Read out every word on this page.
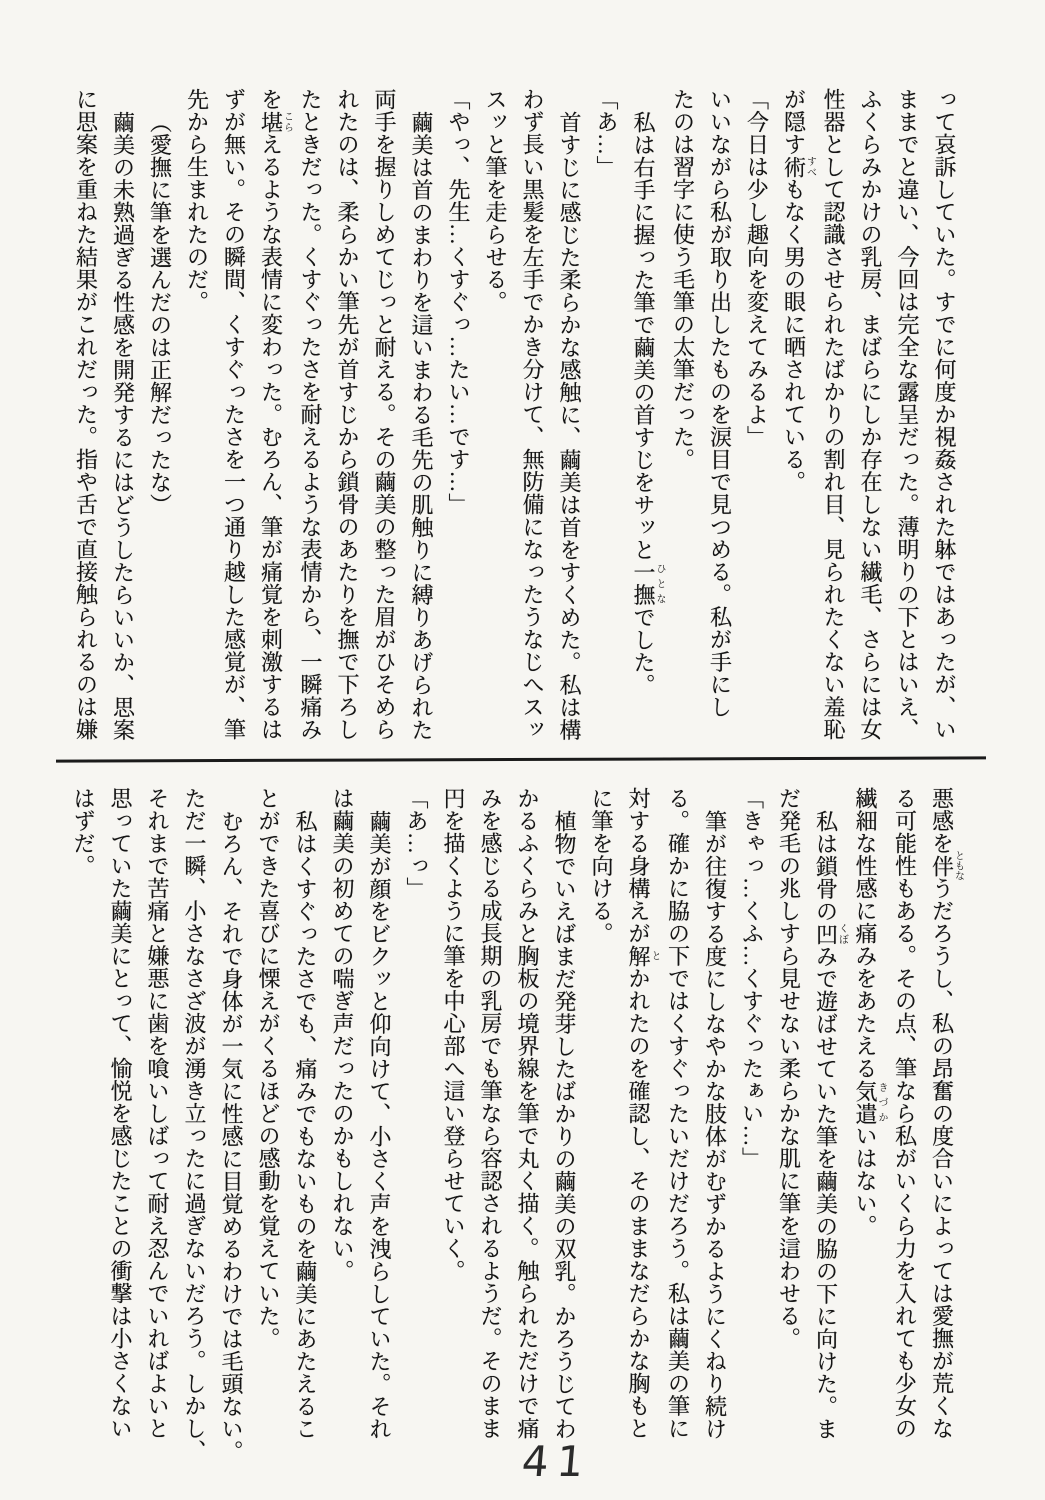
って哀訴していた。すでに何度か視姦された躰ではあったが、い

ままでと違い、今回は完全な露呈だった。薄明りの下とはいえ、

ふくらみかけの乳房、まばらにしか存在しない繊毛、さらには女

性器として認識させられたばかりの割れ目、見られたくない羞恥

が隠す術すべもなく男の眼に晒されている。

「今日は少し趣向を変えてみるよ」

いいながら私が取り出したものを涙目で見つめる。私が手にし

たのは習字に使う毛筆の太筆だった。

私は右手に握った筆で繭美の首すじをサッと一撫ひとなでした。

「あ…」

首すじに感じた柔らかな感触に、繭美は首をすくめた。私は構

わず長い黒髪を左手でかき分けて、無防備になったうなじへスッ

スッと筆を走らせる。

「やっ、先生…くすぐっ…たい…です…」

繭美は首のまわりを這いまわる毛先の肌触りに縛りあげられた

両手を握りしめてじっと耐える。その繭美の整った眉がひそめら

れたのは、柔らかい筆先が首すじから鎖骨のあたりを撫で下ろし

たときだった。くすぐったさを耐えるような表情から、一瞬痛み

を堪こらえるような表情に変わった。むろん、筆が痛覚を刺激するは

ずが無い。その瞬間、くすぐったさを一つ通り越した感覚が、筆

先から生まれたのだ。

（愛撫に筆を選んだのは正解だったな）

繭美の未熟過ぎる性感を開発するにはどうしたらいいか、思案

に思案を重ねた結果がこれだった。指や舌で直接触られるのは嫌

悪感を伴ともなうだろうし、私の昂奮の度合いによっては愛撫が荒くな

る可能性もある。その点、筆なら私がいくら力を入れても少女の

繊細な性感に痛みをあたえる気遣きづかいはない。

私は鎖骨の凹くぼみで遊ばせていた筆を繭美の脇の下に向けた。ま

だ発毛の兆しすら見せない柔らかな肌に筆を這わせる。

「きゃっ…くふ…くすぐったぁい…」

筆が往復する度にしなやかな肢体がむずかるようにくねり続け

る。確かに脇の下ではくすぐったいだけだろう。私は繭美の筆に

対する身構えが解とかれたのを確認し、そのままなだらかな胸もと

に筆を向ける。

植物でいえばまだ発芽したばかりの繭美の双乳。かろうじてわ

かるふくらみと胸板の境界線を筆で丸く描く。触られただけで痛

みを感じる成長期の乳房でも筆なら容認されるようだ。そのまま

円を描くように筆を中心部へ這い登らせていく。

「あ…っ」

繭美が顔をビクッと仰向けて、小さく声を洩らしていた。それ

は繭美の初めての喘ぎ声だったのかもしれない。

私はくすぐったさでも、痛みでもないものを繭美にあたえるこ

とができた喜びに慄えがくるほどの感動を覚えていた。

むろん、それで身体が一気に性感に目覚めるわけでは毛頭ない。

ただ一瞬、小さなさざ波が湧き立ったに過ぎないだろう。しかし、

それまで苦痛と嫌悪に歯を喰いしばって耐え忍んでいればよいと

思っていた繭美にとって、愉悦を感じたことの衝撃は小さくない

はずだ。

41
